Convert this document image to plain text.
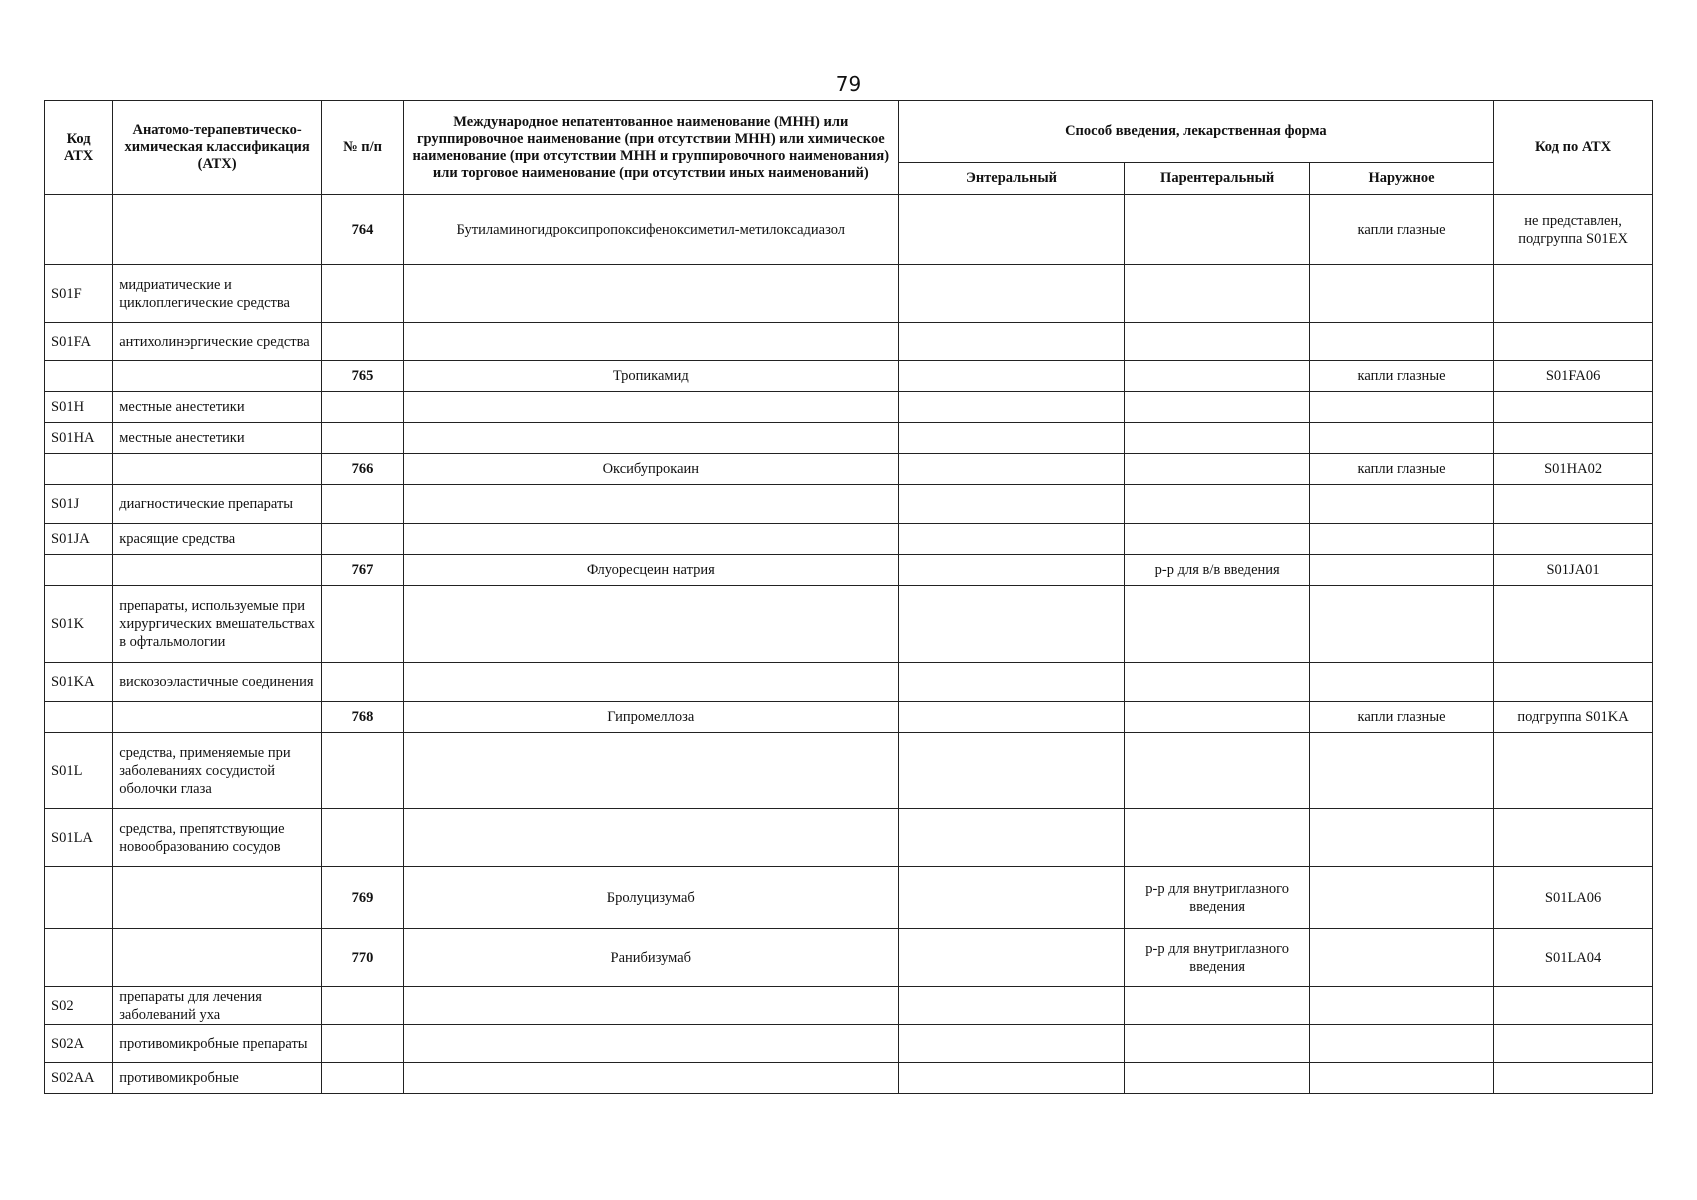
79
Код АТХ	Анатомо-терапевтическо-химическая классификация (АТХ)	№ п/п	Международное непатентованное наименование (МНН) или группировочное наименование (при отсутствии МНН) или химическое наименование (при отсутствии МНН и группировочного наименования) или торговое наименование (при отсутствии иных наименований)	Способ введения, лекарственная форма			Код по АТХ
				Энтеральный	Парентеральный	Наружное	
		764	Бутиламиногидроксипропоксифеноксиметил-метилоксадиазол			капли глазные	не представлен, подгруппа S01EX
S01F	мидриатические и циклоплегические средства						
S01FA	антихолинэргические средства						
		765	Тропикамид			капли глазные	S01FA06
S01H	местные анестетики						
S01HA	местные анестетики						
		766	Оксибупрокаин			капли глазные	S01HA02
S01J	диагностические препараты						
S01JA	красящие средства						
		767	Флуоресцеин натрия		р-р для в/в введения		S01JA01
S01K	препараты, используемые при хирургических вмешательствах в офтальмологии						
S01KA	вискозоэластичные соединения						
		768	Гипромеллоза			капли глазные	подгруппа S01KA
S01L	средства, применяемые при заболеваниях сосудистой оболочки глаза						
S01LA	средства, препятствующие новообразованию сосудов						
		769	Бролуцизумаб		р-р для внутриглазного введения		S01LA06
		770	Ранибизумаб		р-р для внутриглазного введения		S01LA04
S02	препараты для лечения заболеваний уха						
S02A	противомикробные препараты						
S02AA	противомикробные						
